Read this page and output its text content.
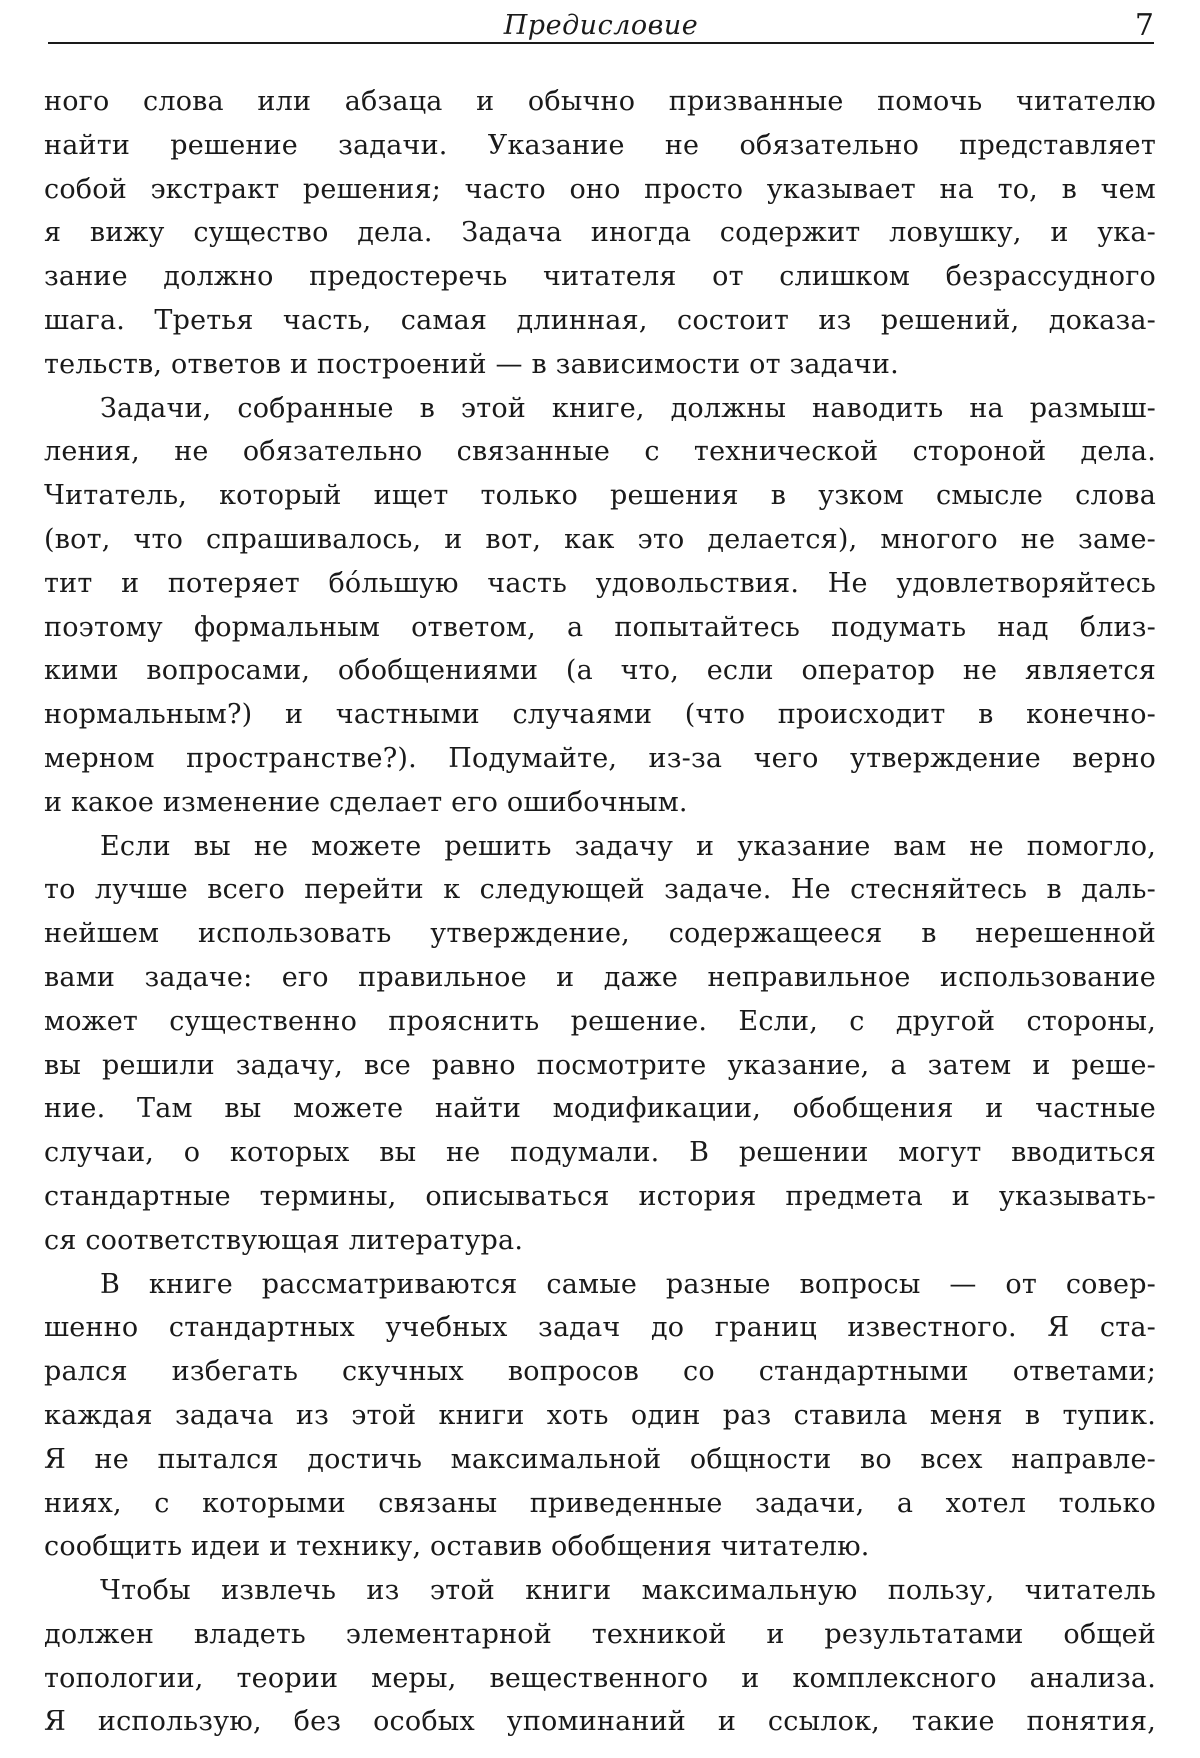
Предисловие	7
ного слова или абзаца и обычно призванные помочь читателю
найти решение задачи. Указание не обязательно представляет
собой экстракт решения; часто оно просто указывает на то, в чем
я вижу существо дела. Задача иногда содержит ловушку, и ука-
зание должно предостеречь читателя от слишком безрассудного
шага. Третья часть, самая длинная, состоит из решений, доказа-
тельств, ответов и построений — в зависимости от задачи.
Задачи, собранные в этой книге, должны наводить на размыш-
ления, не обязательно связанные с технической стороной дела.
Читатель, который ищет только решения в узком смысле слова
(вот, что спрашивалось, и вот, как это делается), многого не заме-
тит и потеряет бо́льшую часть удовольствия. Не удовлетворяйтесь
поэтому формальным ответом, а попытайтесь подумать над близ-
кими вопросами, обобщениями (а что, если оператор не является
нормальным?) и частными случаями (что происходит в конечно-
мерном пространстве?). Подумайте, из-за чего утверждение верно
и какое изменение сделает его ошибочным.
Если вы не можете решить задачу и указание вам не помогло,
то лучше всего перейти к следующей задаче. Не стесняйтесь в даль-
нейшем использовать утверждение, содержащееся в нерешенной
вами задаче: его правильное и даже неправильное использование
может существенно прояснить решение. Если, с другой стороны,
вы решили задачу, все равно посмотрите указание, а затем и реше-
ние. Там вы можете найти модификации, обобщения и частные
случаи, о которых вы не подумали. В решении могут вводиться
стандартные термины, описываться история предмета и указывать-
ся соответствующая литература.
В книге рассматриваются самые разные вопросы — от совер-
шенно стандартных учебных задач до границ известного. Я ста-
рался избегать скучных вопросов со стандартными ответами;
каждая задача из этой книги хоть один раз ставила меня в тупик.
Я не пытался достичь максимальной общности во всех направле-
ниях, с которыми связаны приведенные задачи, а хотел только
сообщить идеи и технику, оставив обобщения читателю.
Чтобы извлечь из этой книги максимальную пользу, читатель
должен владеть элементарной техникой и результатами общей
топологии, теории меры, вещественного и комплексного анализа.
Я использую, без особых упоминаний и ссылок, такие понятия,
